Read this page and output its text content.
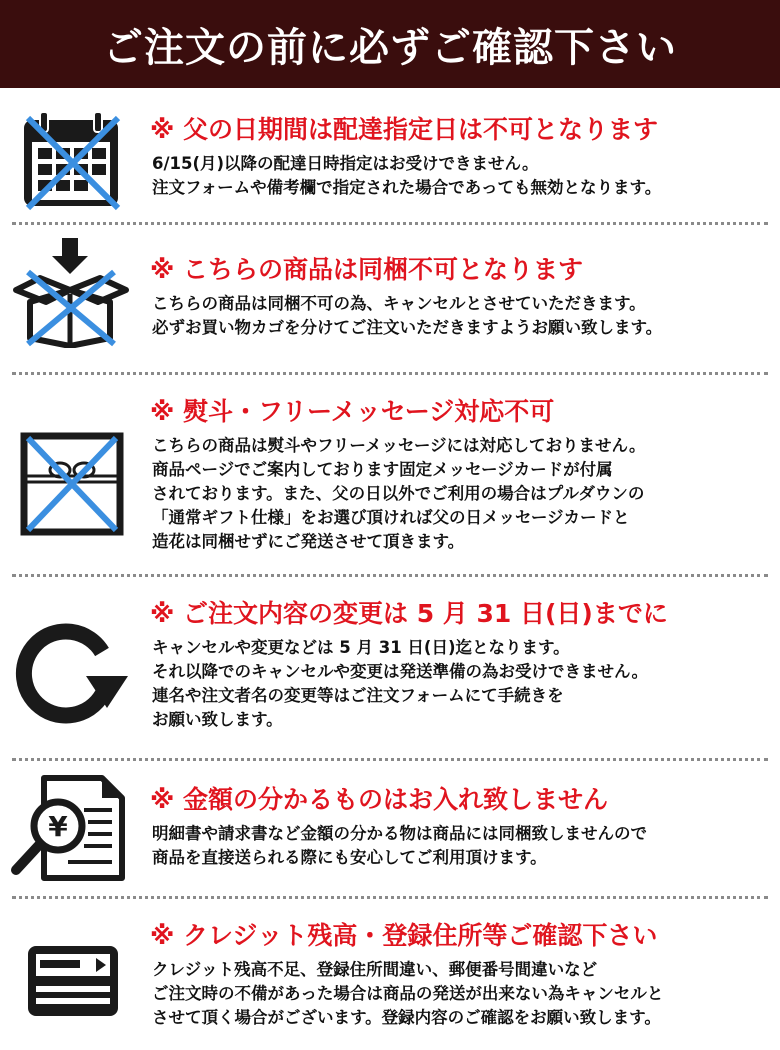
ご注文の前に必ずご確認下さい
※ 父の日期間は配達指定日は不可となります
6/15(月)以降の配達日時指定はお受けできません。
注文フォームや備考欄で指定された場合であっても無効となります。
※ こちらの商品は同梱不可となります
こちらの商品は同梱不可の為、キャンセルとさせていただきます。
必ずお買い物カゴを分けてご注文いただきますようお願い致します。
※ 熨斗・フリーメッセージ対応不可
こちらの商品は熨斗やフリーメッセージには対応しておりません。
商品ページでご案内しております固定メッセージカードが付属
されております。また、父の日以外でご利用の場合はプルダウンの
「通常ギフト仕様」をお選び頂ければ父の日メッセージカードと
造花は同梱せずにご発送させて頂きます。
※ ご注文内容の変更は 5 月 31 日(日)までに
キャンセルや変更などは 5 月 31 日(日)迄となります。
それ以降でのキャンセルや変更は発送準備の為お受けできません。
連名や注文者名の変更等はご注文フォームにて手続きを
お願い致します。
¥
※ 金額の分かるものはお入れ致しません
明細書や請求書など金額の分かる物は商品には同梱致しませんので
商品を直接送られる際にも安心してご利用頂けます。
※ クレジット残高・登録住所等ご確認下さい
クレジット残高不足、登録住所間違い、郵便番号間違いなど
ご注文時の不備があった場合は商品の発送が出来ない為キャンセルと
させて頂く場合がございます。登録内容のご確認をお願い致します。
